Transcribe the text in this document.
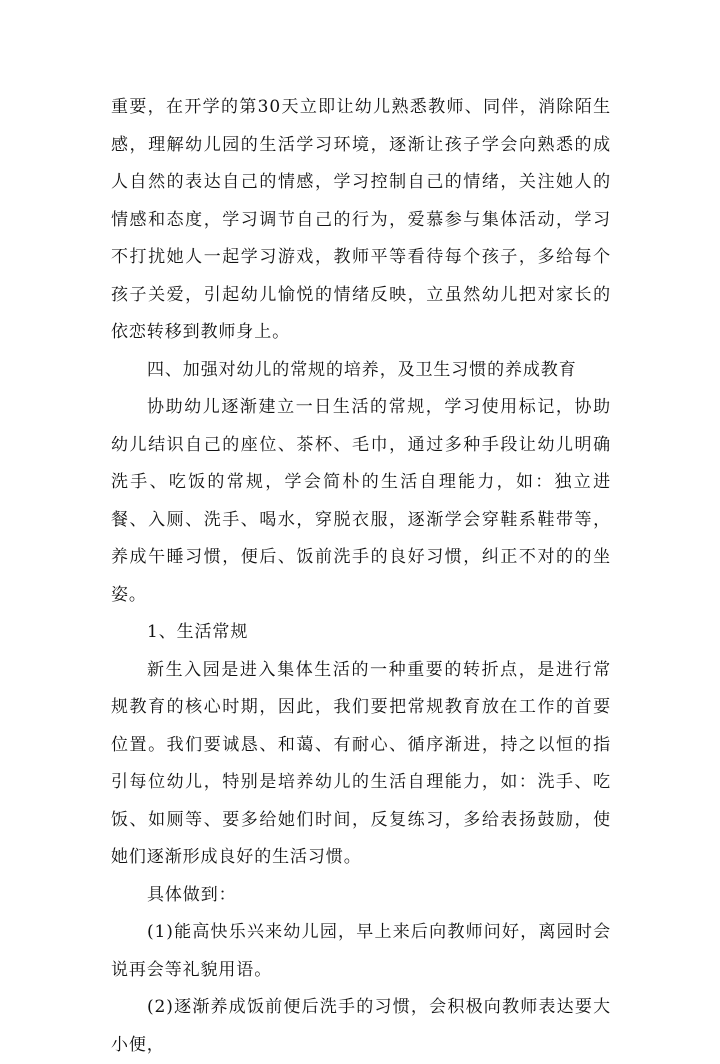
重要，在开学的第30天立即让幼儿熟悉教师、同伴，消除陌生感，理解幼儿园的生活学习环境，逐渐让孩子学会向熟悉的成人自然的表达自己的情感，学习控制自己的情绪，关注她人的情感和态度，学习调节自己的行为，爱慕参与集体活动，学习不打扰她人一起学习游戏，教师平等看待每个孩子，多给每个孩子关爱，引起幼儿愉悦的情绪反映，立虽然幼儿把对家长的依恋转移到教师身上。

四、加强对幼儿的常规的培养，及卫生习惯的养成教育

协助幼儿逐渐建立一日生活的常规，学习使用标记，协助幼儿结识自己的座位、茶杯、毛巾，通过多种手段让幼儿明确洗手、吃饭的常规，学会简朴的生活自理能力，如：独立进餐、入厕、洗手、喝水，穿脱衣服，逐渐学会穿鞋系鞋带等，养成午睡习惯，便后、饭前洗手的良好习惯，纠正不对的的坐姿。

1、生活常规

新生入园是进入集体生活的一种重要的转折点，是进行常规教育的核心时期，因此，我们要把常规教育放在工作的首要位置。我们要诚恳、和蔼、有耐心、循序渐进，持之以恒的指引每位幼儿，特别是培养幼儿的生活自理能力，如：洗手、吃饭、如厕等、要多给她们时间，反复练习，多给表扬鼓励，使她们逐渐形成良好的生活习惯。

具体做到：

(1)能高快乐兴来幼儿园，早上来后向教师问好，离园时会说再会等礼貌用语。

(2)逐渐养成饭前便后洗手的习惯，会积极向教师表达要大小便，
